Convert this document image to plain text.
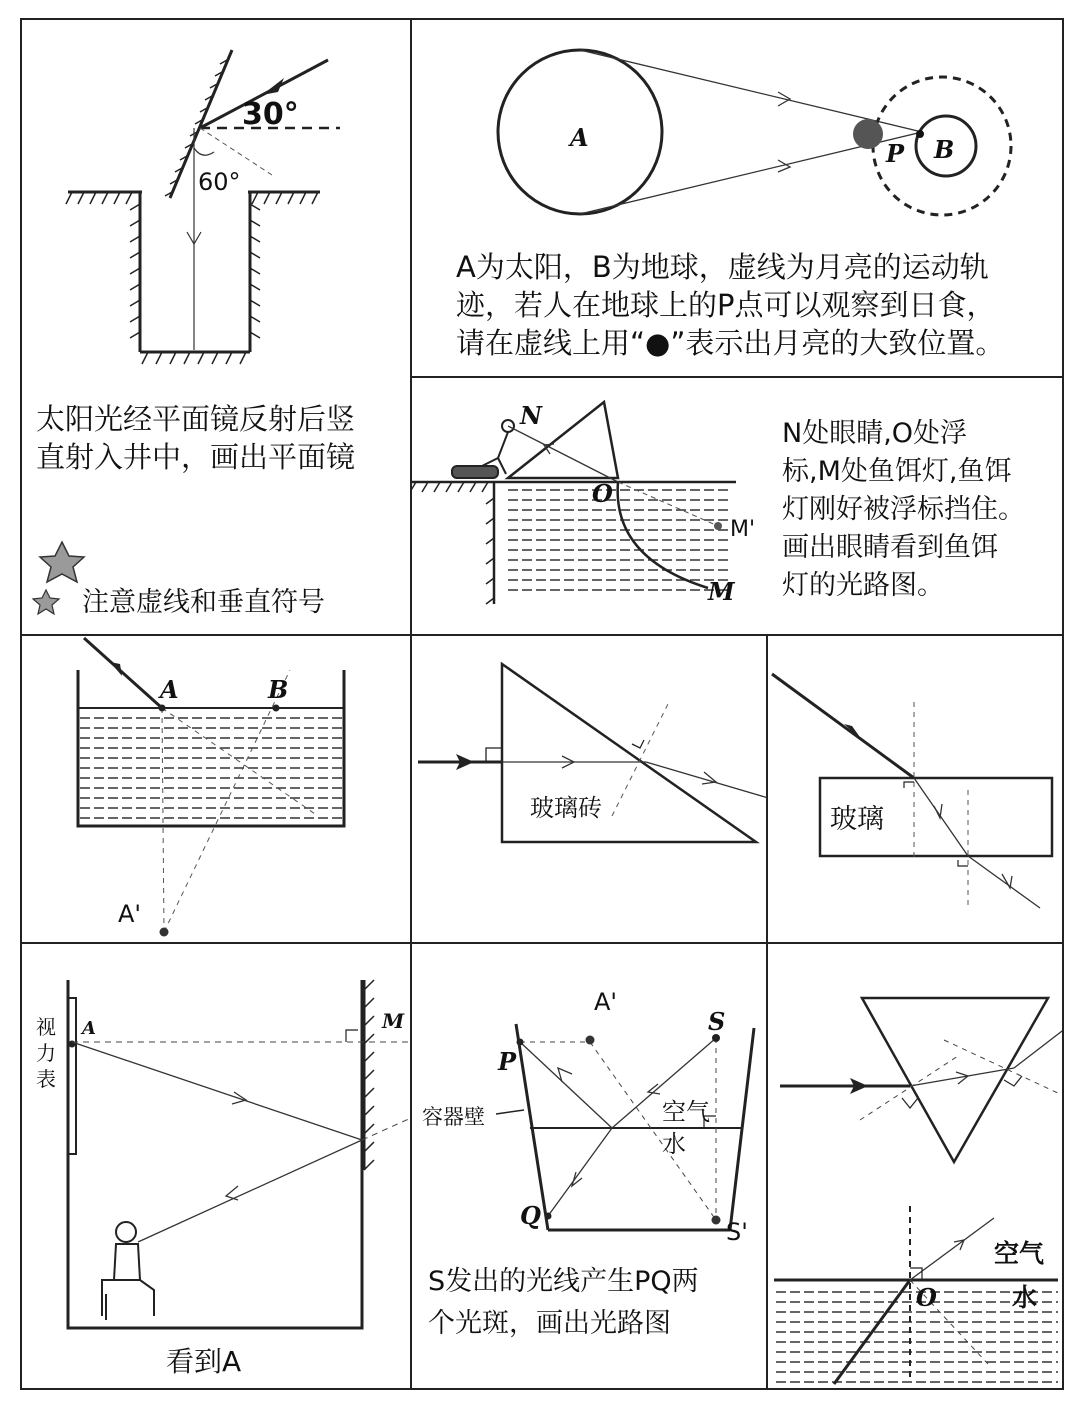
30°
60°
太阳光经平面镜反射后竖
直射入井中，画出平面镜
注意虚线和垂直符号
A	B
P
A为太阳，B为地球，虚线为月亮的运动轨
迹，若人在地球上的P点可以观察到日食，
请在虚线上用“●”表示出月亮的大致位置。
N
O
M
M'
N处眼睛,O处浮
标,M处鱼饵灯,鱼饵
灯刚好被浮标挡住。
画出眼睛看到鱼饵
灯的光路图。
A	B
A'
玻璃砖	玻璃
A	M
视力表
看到A
A'
S
S'
P
Q
容器壁	空气
水
S发出的光线产生PQ两
个光斑，画出光路图
O
空气
水
